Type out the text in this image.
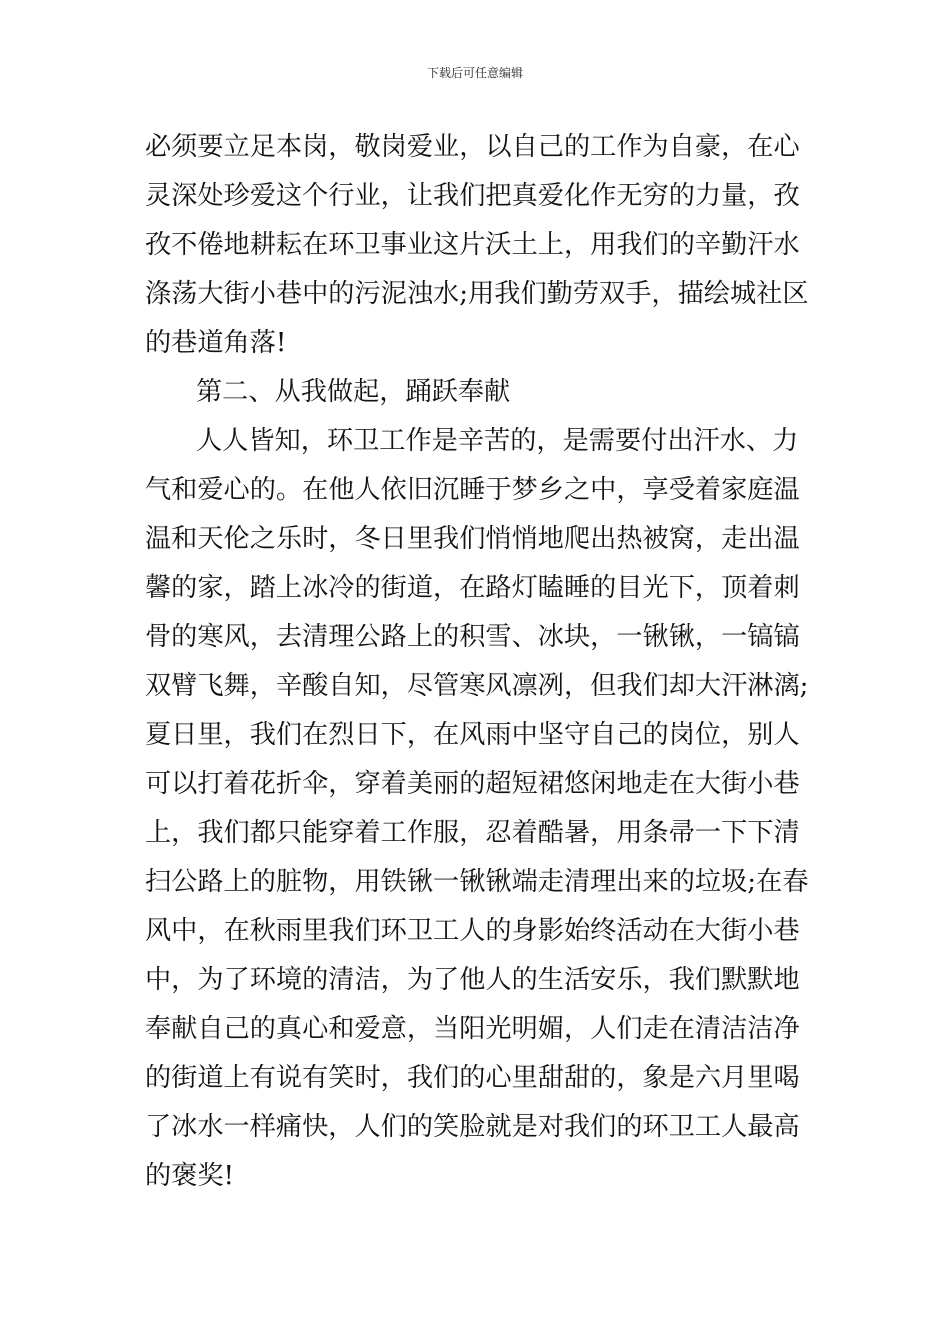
下载后可任意编辑
必须要立足本岗，敬岗爱业，以自己的工作为自豪，在心
灵深处珍爱这个行业，让我们把真爱化作无穷的力量，孜
孜不倦地耕耘在环卫事业这片沃土上，用我们的辛勤汗水
涤荡大街小巷中的污泥浊水;用我们勤劳双手，描绘城社区
的巷道角落!
第二、从我做起，踊跃奉献
人人皆知，环卫工作是辛苦的，是需要付出汗水、力
气和爱心的。在他人依旧沉睡于梦乡之中，享受着家庭温
温和天伦之乐时，冬日里我们悄悄地爬出热被窝，走出温
馨的家，踏上冰冷的街道，在路灯瞌睡的目光下，顶着刺
骨的寒风，去清理公路上的积雪、冰块，一锹锹，一镐镐
双臂飞舞，辛酸自知，尽管寒风凛冽，但我们却大汗淋漓;
夏日里，我们在烈日下，在风雨中坚守自己的岗位，别人
可以打着花折伞，穿着美丽的超短裙悠闲地走在大街小巷
上，我们都只能穿着工作服，忍着酷暑，用条帚一下下清
扫公路上的脏物，用铁锹一锹锹端走清理出来的垃圾;在春
风中，在秋雨里我们环卫工人的身影始终活动在大街小巷
中，为了环境的清洁，为了他人的生活安乐，我们默默地
奉献自己的真心和爱意，当阳光明媚，人们走在清洁洁净
的街道上有说有笑时，我们的心里甜甜的，象是六月里喝
了冰水一样痛快，人们的笑脸就是对我们的环卫工人最高
的褒奖!
